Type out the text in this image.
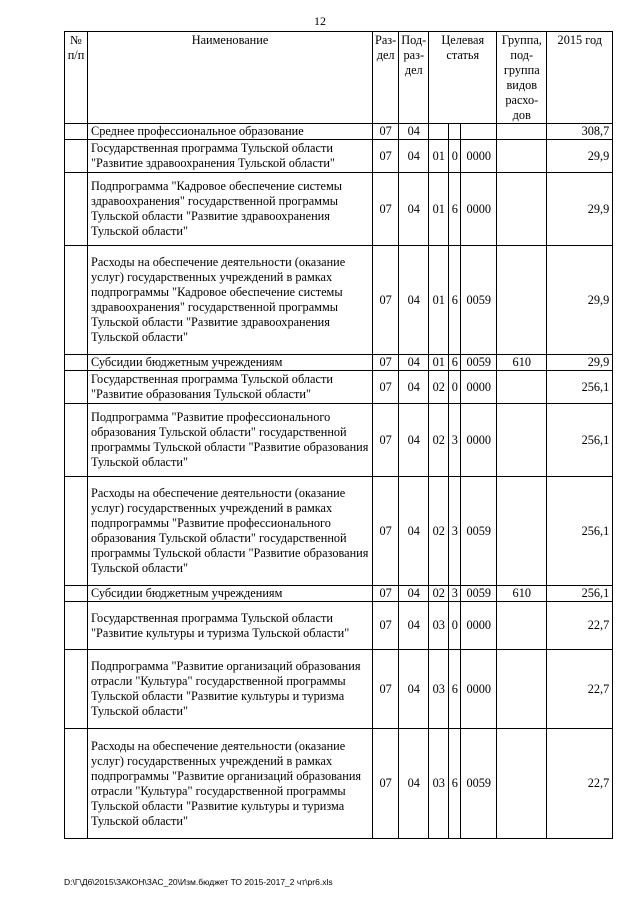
12
№ п/п	Наименование	Раз-дел	Под-раз-дел	Целевая статья			Группа, под-группа видов расхо-дов	2015 год
	Среднее профессиональное образование	07	04					308,7
	Государственная программа Тульской области "Развитие здравоохранения Тульской области"	07	04	01	0	0000		29,9
	Подпрограмма "Кадровое обеспечение системы здравоохранения" государственной программы Тульской области "Развитие здравоохранения Тульской области"	07	04	01	6	0000		29,9
	Расходы на обеспечение деятельности (оказание услуг) государственных учреждений в рамках подпрограммы "Кадровое обеспечение системы здравоохранения" государственной программы Тульской области "Развитие здравоохранения Тульской области"	07	04	01	6	0059		29,9
	Субсидии бюджетным учреждениям	07	04	01	6	0059	610	29,9
	Государственная программа Тульской области "Развитие образования Тульской области"	07	04	02	0	0000		256,1
	Подпрограмма "Развитие профессионального образования Тульской области" государственной программы Тульской области "Развитие образования Тульской области"	07	04	02	3	0000		256,1
	Расходы на обеспечение деятельности (оказание услуг) государственных учреждений в рамках подпрограммы "Развитие профессионального образования Тульской области" государственной программы Тульской области "Развитие образования Тульской области"	07	04	02	3	0059		256,1
	Субсидии бюджетным учреждениям	07	04	02	3	0059	610	256,1
	Государственная программа Тульской области "Развитие культуры и туризма Тульской области"	07	04	03	0	0000		22,7
	Подпрограмма "Развитие организаций образования отрасли "Культура" государственной программы Тульской области "Развитие культуры и туризма Тульской области"	07	04	03	6	0000		22,7
	Расходы на обеспечение деятельности (оказание услуг) государственных учреждений в рамках подпрограммы "Развитие организаций образования отрасли "Культура" государственной программы Тульской области "Развитие культуры и туризма Тульской области"	07	04	03	6	0059		22,7
D:\Г\Д6\2015\ЗАКОН\ЗАС_20\Изм.бюджет ТО 2015-2017_2 чт\pr6.xls
